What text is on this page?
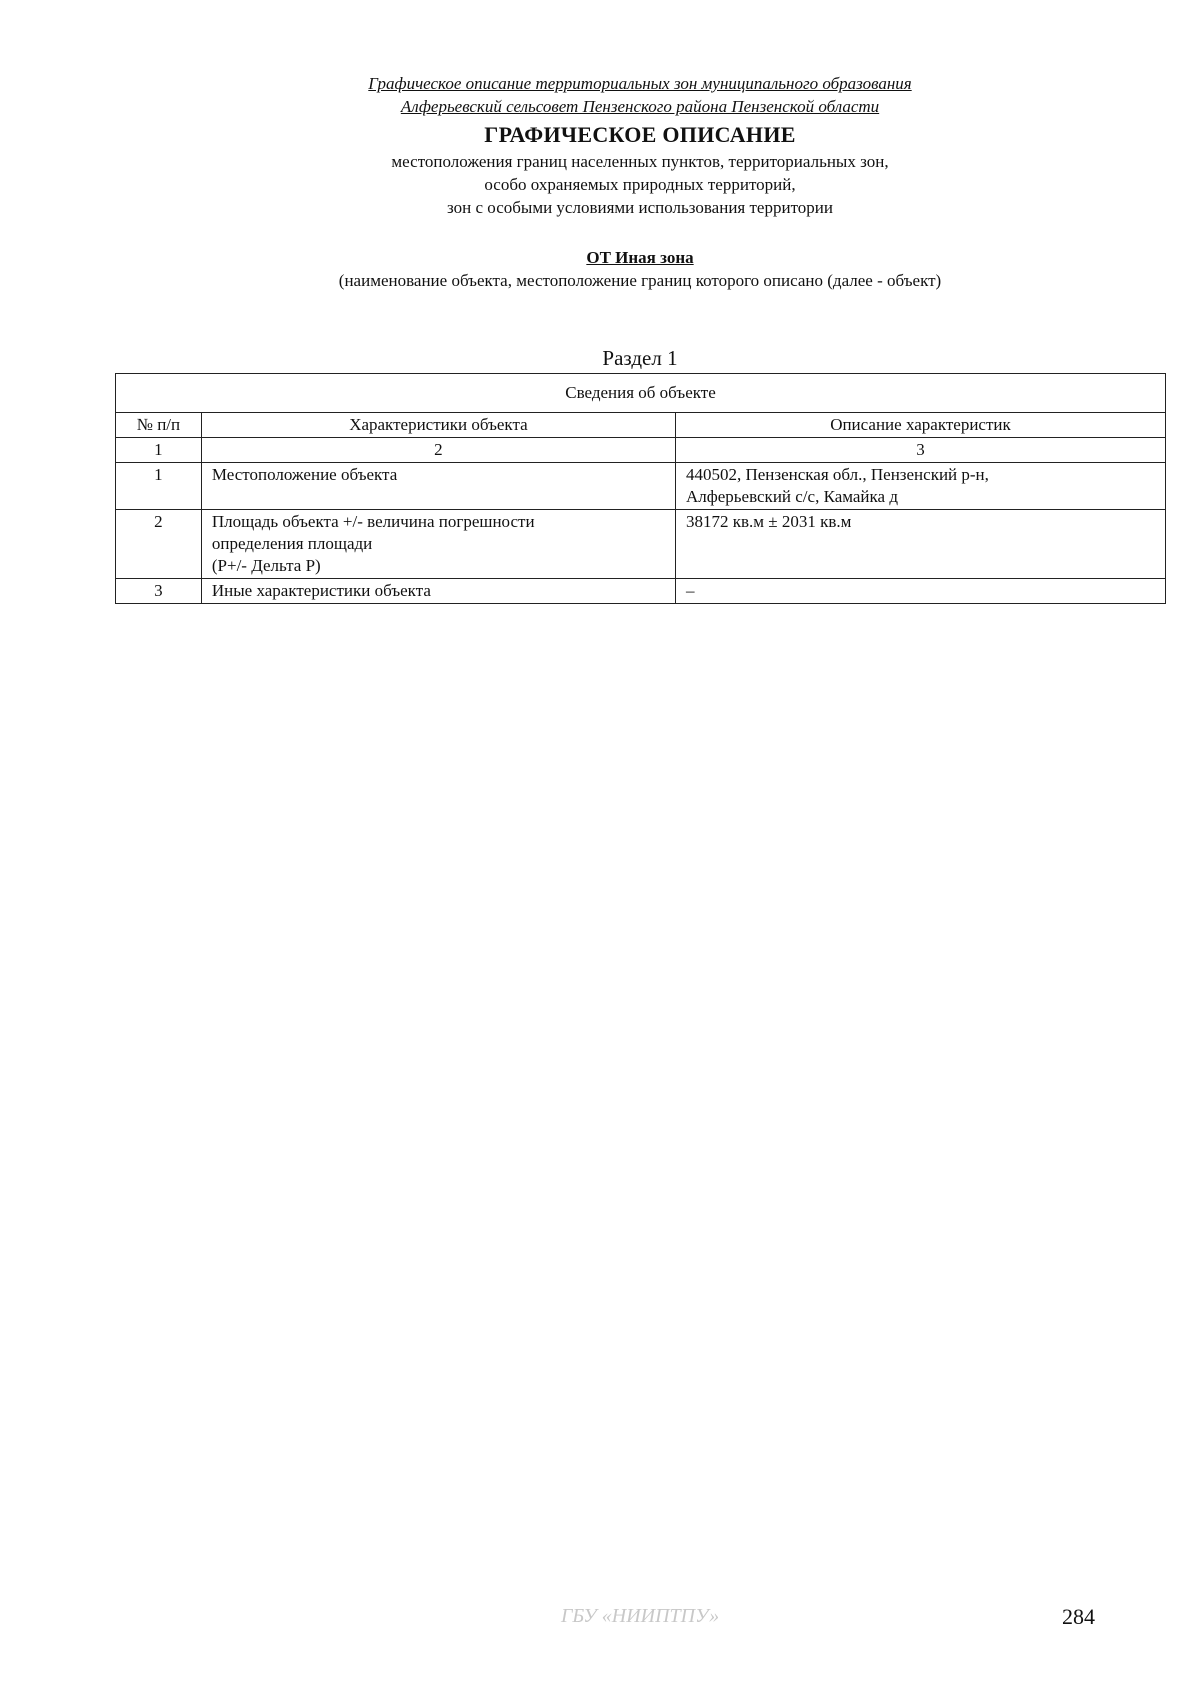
Графическое описание территориальных зон муниципального образования
Алферьевский сельсовет Пензенского района Пензенской области
ГРАФИЧЕСКОЕ ОПИСАНИЕ
местоположения границ населенных пунктов, территориальных зон,
особо охраняемых природных территорий,
зон с особыми условиями использования территории
ОТ Иная зона
(наименование объекта, местоположение границ которого описано (далее - объект)
Раздел 1
Сведения об объекте		
№ п/п	Характеристики объекта	Описание характеристик
1	2	3
1	Местоположение объекта	440502, Пензенская обл., Пензенский р-н,
Алферьевский с/с, Камайка д

2	Площадь объекта +/- величина погрешности
определения площади
(P+/- Дельта P)	38172 кв.м ± 2031 кв.м

3	Иные характеристики объекта	–
ГБУ «НИИПТПУ»	284
